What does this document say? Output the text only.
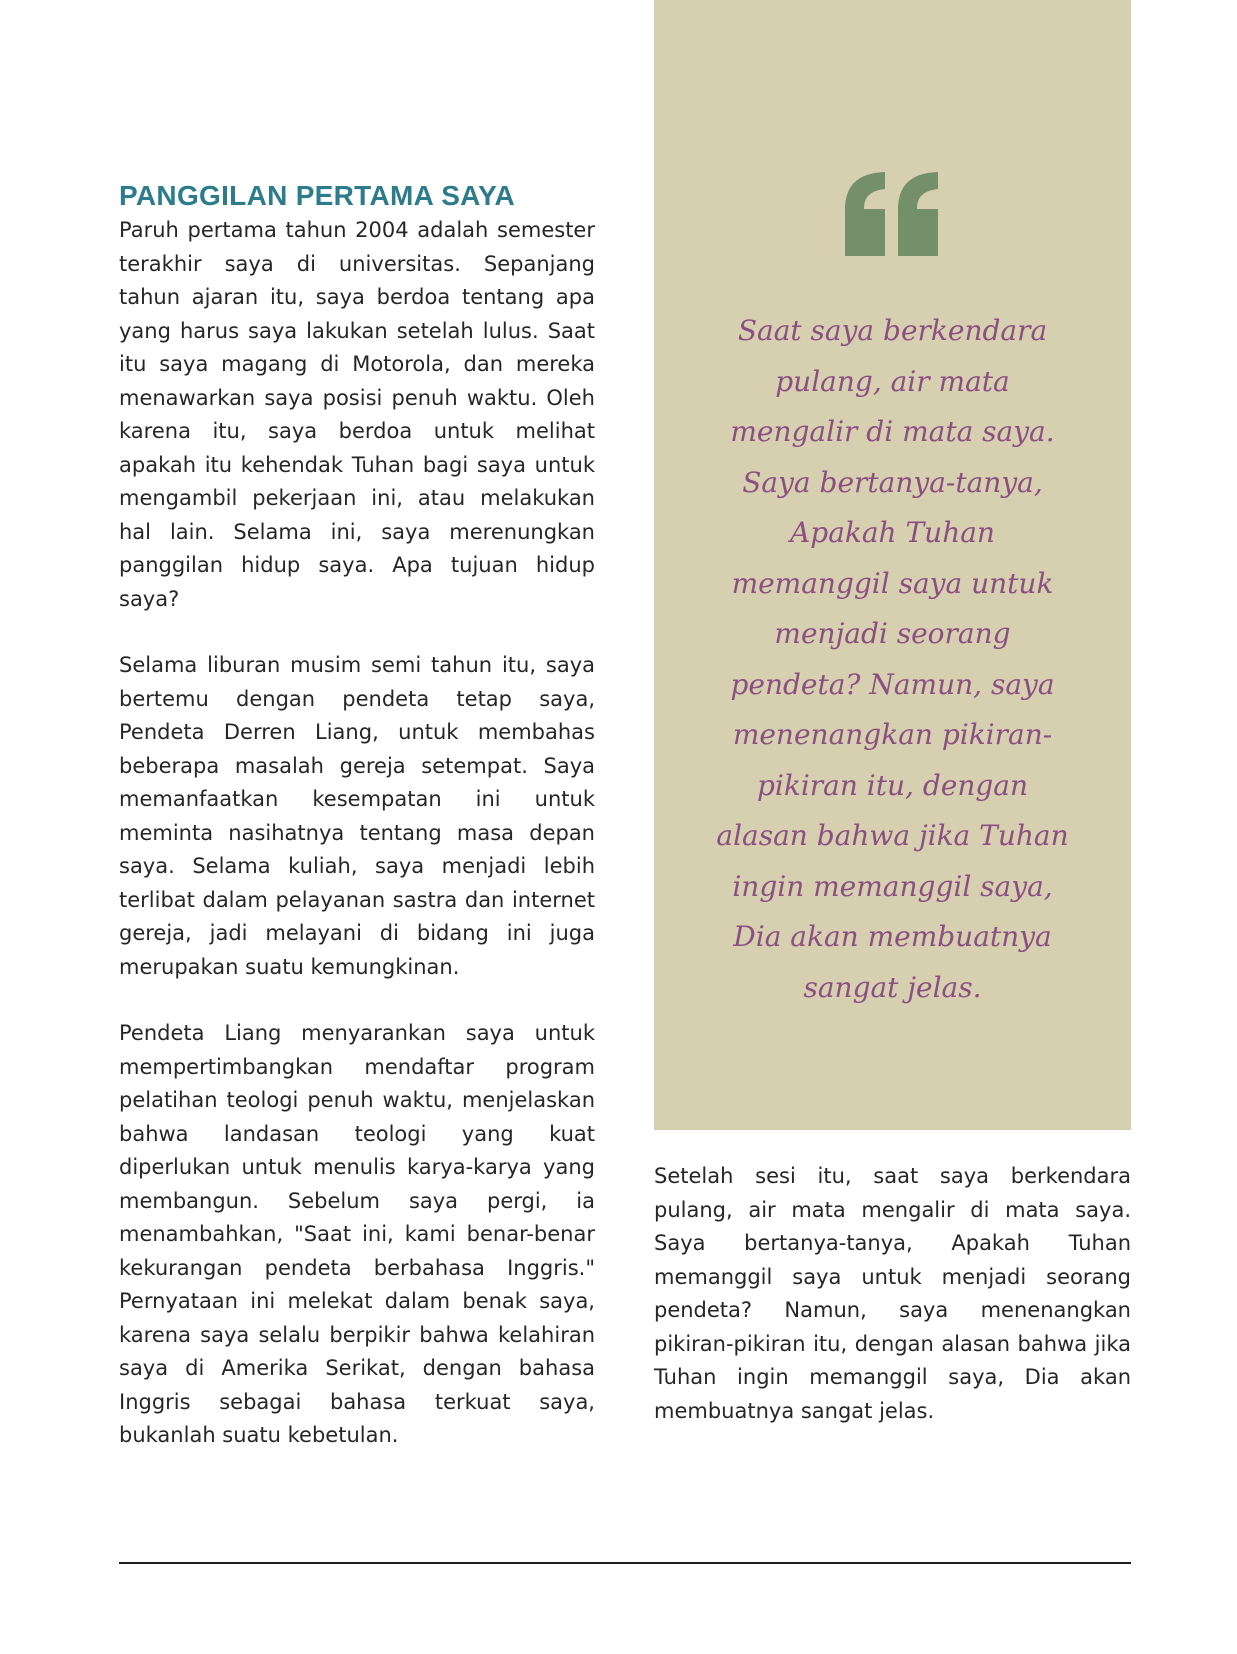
Saat saya berkendara pulang, air mata mengalir di mata saya. Saya bertanya-tanya, Apakah Tuhan memanggil saya untuk menjadi seorang pendeta? Namun, saya menenangkan pikiran-pikiran itu, dengan alasan bahwa jika Tuhan ingin memanggil saya, Dia akan membuatnya sangat jelas.

PANGGILAN PERTAMA SAYA

Paruh pertama tahun 2004 adalah semester terakhir saya di universitas. Sepanjang tahun ajaran itu, saya berdoa tentang apa yang harus saya lakukan setelah lulus. Saat itu saya magang di Motorola, dan mereka menawarkan saya posisi penuh waktu. Oleh karena itu, saya berdoa untuk melihat apakah itu kehendak Tuhan bagi saya untuk mengambil pekerjaan ini, atau melakukan hal lain. Selama ini, saya merenungkan panggilan hidup saya. Apa tujuan hidup saya?

Selama liburan musim semi tahun itu, saya bertemu dengan pendeta tetap saya, Pendeta Derren Liang, untuk membahas beberapa masalah gereja setempat. Saya memanfaatkan kesempatan ini untuk meminta nasihatnya tentang masa depan saya. Selama kuliah, saya menjadi lebih terlibat dalam pelayanan sastra dan internet gereja, jadi melayani di bidang ini juga merupakan suatu kemungkinan.

Pendeta Liang menyarankan saya untuk mempertimbangkan mendaftar program pelatihan teologi penuh waktu, menjelaskan bahwa landasan teologi yang kuat diperlukan untuk menulis karya-karya yang membangun. Sebelum saya pergi, ia menambahkan, "Saat ini, kami benar-benar kekurangan pendeta berbahasa Inggris." Pernyataan ini melekat dalam benak saya, karena saya selalu berpikir bahwa kelahiran saya di Amerika Serikat, dengan bahasa Inggris sebagai bahasa terkuat saya, bukanlah suatu kebetulan.

Setelah sesi itu, saat saya berkendara pulang, air mata mengalir di mata saya. Saya bertanya-tanya, Apakah Tuhan memanggil saya untuk menjadi seorang pendeta? Namun, saya menenangkan pikiran-pikiran itu, dengan alasan bahwa jika Tuhan ingin memanggil saya, Dia akan membuatnya sangat jelas.
